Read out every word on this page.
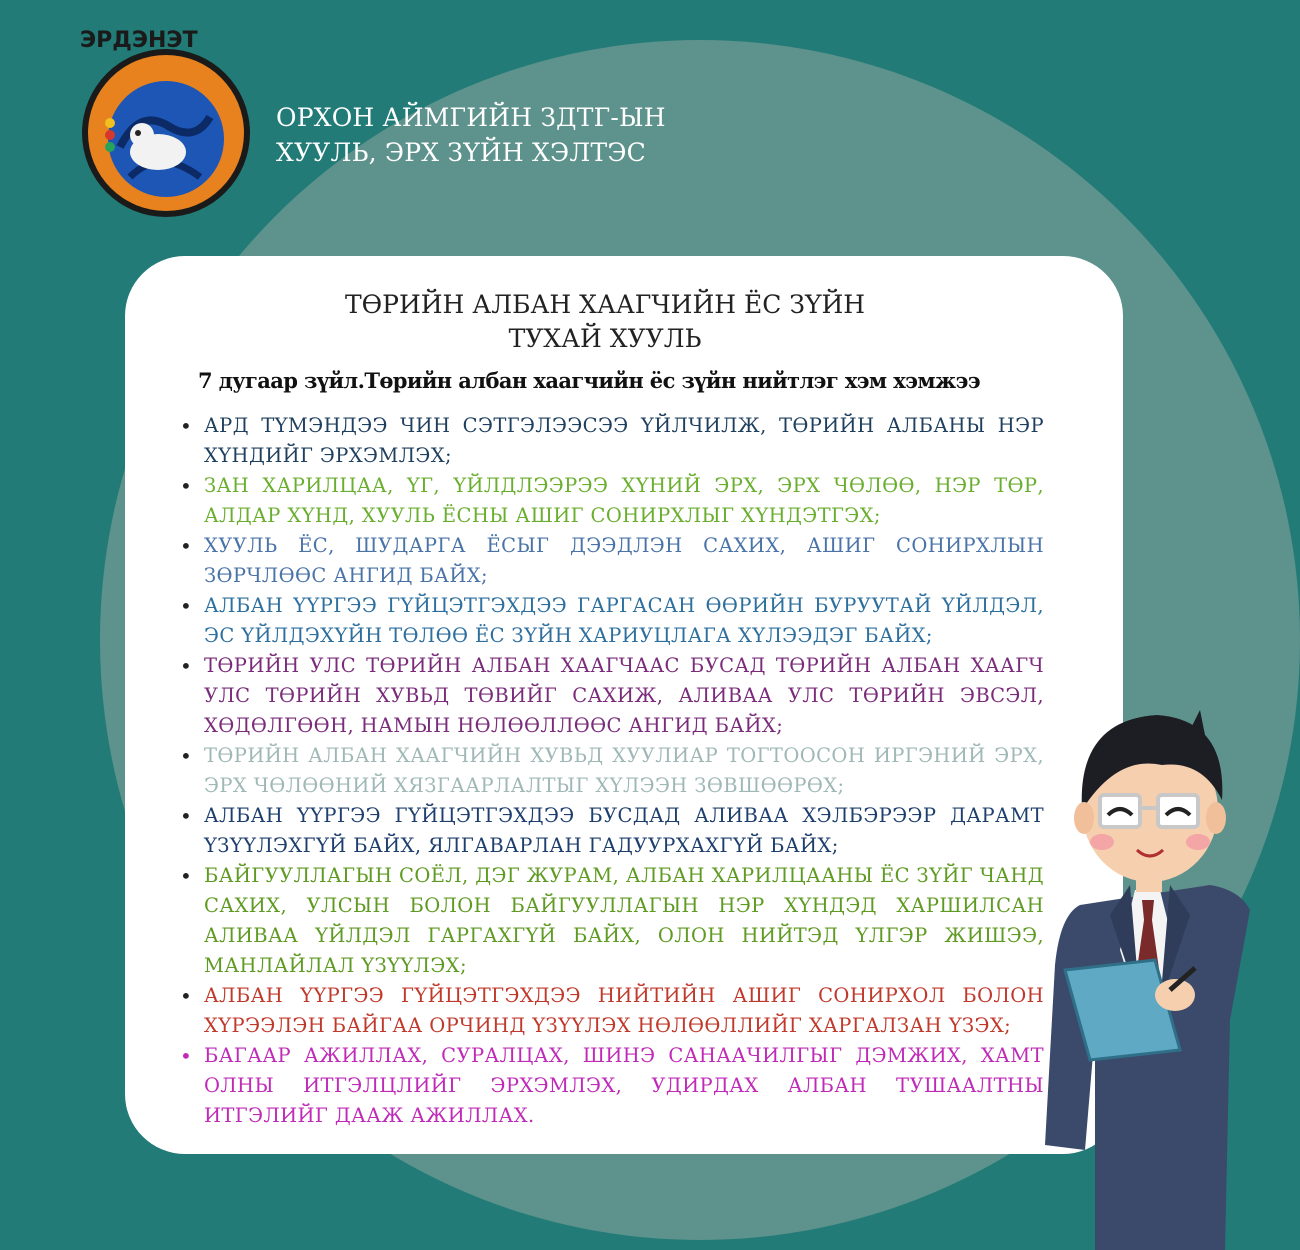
ЭРДЭНЭТ
ОРХОН АЙМГИЙН ЗДТГ-ЫН
ХУУЛЬ, ЭРХ ЗҮЙН ХЭЛТЭС
ТӨРИЙН АЛБАН ХААГЧИЙН ЁС ЗҮЙН
ТУХАЙ ХУУЛЬ
7 дугаар зүйл.Төрийн албан хаагчийн ёс зүйн нийтлэг хэм хэмжээ
• АРД ТҮМЭНДЭЭ ЧИН СЭТГЭЛЭЭСЭЭ ҮЙЛЧИЛЖ, ТӨРИЙН АЛБАНЫ НЭР ХҮНДИЙГ ЭРХЭМЛЭХ;
• ЗАН ХАРИЛЦАА, ҮГ, ҮЙЛДЛЭЭРЭЭ ХҮНИЙ ЭРХ, ЭРХ ЧӨЛӨӨ, НЭР ТӨР, АЛДАР ХҮНД, ХУУЛЬ ЁСНЫ АШИГ СОНИРХЛЫГ ХҮНДЭТГЭХ;
• ХУУЛЬ ЁС, ШУДАРГА ЁСЫГ ДЭЭДЛЭН САХИХ, АШИГ СОНИРХЛЫН ЗӨРЧЛӨӨС АНГИД БАЙХ;
• АЛБАН ҮҮРГЭЭ ГҮЙЦЭТГЭХДЭЭ ГАРГАСАН ӨӨРИЙН БУРУУТАЙ ҮЙЛДЭЛ, ЭС ҮЙЛДЭХҮЙН ТӨЛӨӨ ЁС ЗҮЙН ХАРИУЦЛАГА ХҮЛЭЭДЭГ БАЙХ;
• ТӨРИЙН УЛС ТӨРИЙН АЛБАН ХААГЧААС БУСАД ТӨРИЙН АЛБАН ХААГЧ УЛС ТӨРИЙН ХУВЬД ТӨВИЙГ САХИЖ, АЛИВАА УЛС ТӨРИЙН ЭВСЭЛ, ХӨДӨЛГӨӨН, НАМЫН НӨЛӨӨЛЛӨӨС АНГИД БАЙХ;
• ТӨРИЙН АЛБАН ХААГЧИЙН ХУВЬД ХУУЛИАР ТОГТООСОН ИРГЭНИЙ ЭРХ, ЭРХ ЧӨЛӨӨНИЙ ХЯЗГААРЛАЛТЫГ ХҮЛЭЭН ЗӨВШӨӨРӨХ;
• АЛБАН ҮҮРГЭЭ ГҮЙЦЭТГЭХДЭЭ БУСДАД АЛИВАА ХЭЛБЭРЭЭР ДАРАМТ ҮЗҮҮЛЭХГҮЙ БАЙХ, ЯЛГАВАРЛАН ГАДУУРХАХГҮЙ БАЙХ;
• БАЙГУУЛЛАГЫН СОЁЛ, ДЭГ ЖУРАМ, АЛБАН ХАРИЛЦААНЫ ЁС ЗҮЙГ ЧАНД САХИХ, УЛСЫН БОЛОН БАЙГУУЛЛАГЫН НЭР ХҮНДЭД ХАРШИЛСАН АЛИВАА ҮЙЛДЭЛ ГАРГАХГҮЙ БАЙХ, ОЛОН НИЙТЭД ҮЛГЭР ЖИШЭЭ, МАНЛАЙЛАЛ ҮЗҮҮЛЭХ;
• АЛБАН ҮҮРГЭЭ ГҮЙЦЭТГЭХДЭЭ НИЙТИЙН АШИГ СОНИРХОЛ БОЛОН ХҮРЭЭЛЭН БАЙГАА ОРЧИНД ҮЗҮҮЛЭХ НӨЛӨӨЛЛИЙГ ХАРГАЛЗАН ҮЗЭХ;
• БАГААР АЖИЛЛАХ, СУРАЛЦАХ, ШИНЭ САНААЧИЛГЫГ ДЭМЖИХ, ХАМТ ОЛНЫ ИТГЭЛЦЛИЙГ ЭРХЭМЛЭХ, УДИРДАХ АЛБАН ТУШААЛТНЫ ИТГЭЛИЙГ ДААЖ АЖИЛЛАХ.
